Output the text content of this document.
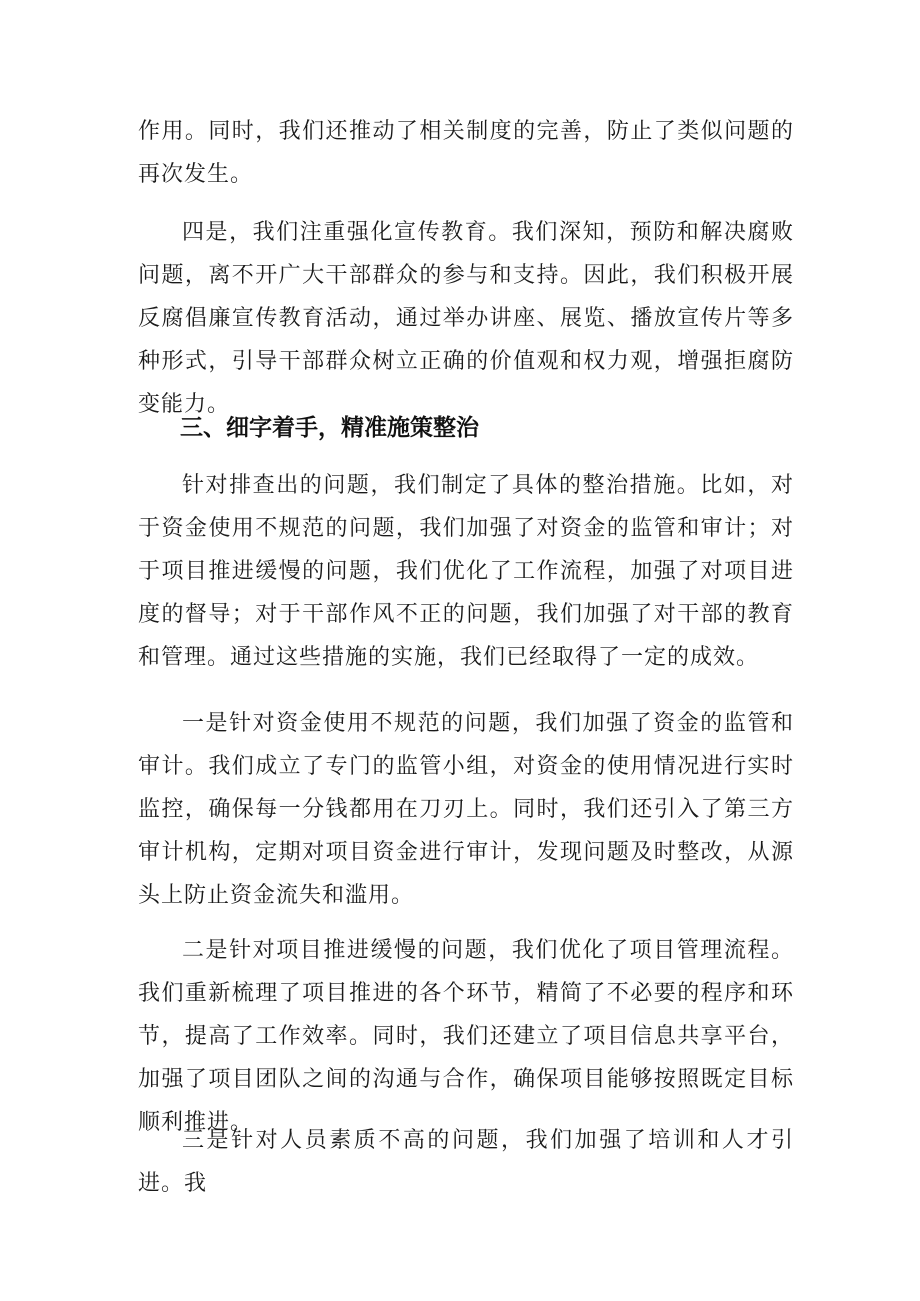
作用。同时，我们还推动了相关制度的完善，防止了类似问题的再次发生。

四是，我们注重强化宣传教育。我们深知，预防和解决腐败问题，离不开广大干部群众的参与和支持。因此，我们积极开展反腐倡廉宣传教育活动，通过举办讲座、展览、播放宣传片等多种形式，引导干部群众树立正确的价值观和权力观，增强拒腐防变能力。

三、细字着手，精准施策整治

针对排查出的问题，我们制定了具体的整治措施。比如，对于资金使用不规范的问题，我们加强了对资金的监管和审计；对于项目推进缓慢的问题，我们优化了工作流程，加强了对项目进度的督导；对于干部作风不正的问题，我们加强了对干部的教育和管理。通过这些措施的实施，我们已经取得了一定的成效。

一是针对资金使用不规范的问题，我们加强了资金的监管和审计。我们成立了专门的监管小组，对资金的使用情况进行实时监控，确保每一分钱都用在刀刃上。同时，我们还引入了第三方审计机构，定期对项目资金进行审计，发现问题及时整改，从源头上防止资金流失和滥用。

二是针对项目推进缓慢的问题，我们优化了项目管理流程。我们重新梳理了项目推进的各个环节，精简了不必要的程序和环节，提高了工作效率。同时，我们还建立了项目信息共享平台，加强了项目团队之间的沟通与合作，确保项目能够按照既定目标顺利推进。

三是针对人员素质不高的问题，我们加强了培训和人才引进。我
